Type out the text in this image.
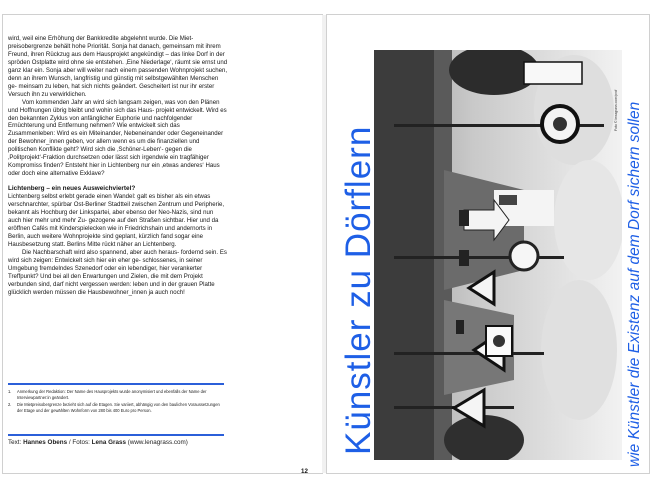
wird, weil eine Erhöhung der Bankkredite abgelehnt wurde. Die Miet- preisobergrenze behält hohe Priorität. Sonja hat danach, gemeinsam mit ihrem Freund, ihren Rückzug aus dem Hausprojekt angekündigt – das linke Dorf in der spröden Ostplatte wird ohne sie entstehen. ‚Eine Niederlage‘, räumt sie ernst und ganz klar ein. Sonja aber will weiter nach einem passenden Wohnprojekt suchen, denn an ihrem Wunsch, langfristig und günstig mit selbstgewählten Menschen ge- meinsam zu leben, hat sich nichts geändert. Gescheitert ist nur ihr erster Versuch ihn zu verwirklichen.

Vom kommenden Jahr an wird sich langsam zeigen, was von den Plänen und Hoffnungen übrig bleibt und wohin sich das Haus- projekt entwickelt. Wird es den bekannten Zyklus von anfänglicher Euphorie und nachfolgender Ernüchterung und Entfernung nehmen? Wie entwickelt sich das Zusammenleben: Wird es ein Miteinander, Nebeneinander oder Gegeneinander der Bewohner_innen geben, vor allem wenn es um die finanziellen und politischen Konflikte geht? Wird sich die ‚Schöner-Leben‘- gegen die ‚Politprojekt‘-Fraktion durchsetzen oder lässt sich irgendwie ein tragfähiger Kompromiss finden? Entsteht hier in Lichtenberg nur ein ‚etwas anderes‘ Haus oder doch eine alternative Exklave?

Lichtenberg – ein neues Ausweichviertel?

Lichtenberg selbst erlebt gerade einen Wandel: galt es bisher als ein etwas verschnarchter, spürbar Ost-Berliner Stadtteil zwischen Zentrum und Peripherie, bekannt als Hochburg der Linkspartei, aber ebenso der Neo-Nazis, sind nun auch hier mehr und mehr Zu- gezogene auf den Straßen sichtbar. Hier und da eröffnen Cafés mit Kinderspielecken wie in Friedrichshain und andernorts in Berlin, auch weitere Wohnprojekte sind geplant, kürzlich fand sogar eine Hausbesetzung statt. Berlins Mitte rückt näher an Lichtenberg.

Die Nachbarschaft wird also spannend, aber auch heraus- fordernd sein. Es wird sich zeigen: Entwickelt sich hier ein eher ge- schlossenes, in seiner Umgebung fremdelndes Szenedorf oder ein lebendiger, hier verankerter Treffpunkt? Und bei all den Erwartungen und Zielen, die mit dem Projekt verbunden sind, darf nicht vergessen werden: leben und in der grauen Platte glücklich werden müssen die Hausbewohner_innen ja auch noch!

1.	Anmerkung der Redaktion: Der Name des Hausprojekts wurde anonymisiert und ebenfalls der Name der Interviewpartner:in geändert.
2.	Die Mietpreisobergrenze bezieht sich auf die Etagen. Sie variiert, abhängig von den baulichen Voraussetzungen der Etage und der gewählten Wohnform von 280 bis 400 Euro pro Person.
Text: Hannes Obens / Fotos: Lena Grass (www.lenagrass.com)
12
Künstler zu Dörflern	wie Künstler die Existenz auf dem Dorf sichern sollen
Foto © lenagrass.com/prof
